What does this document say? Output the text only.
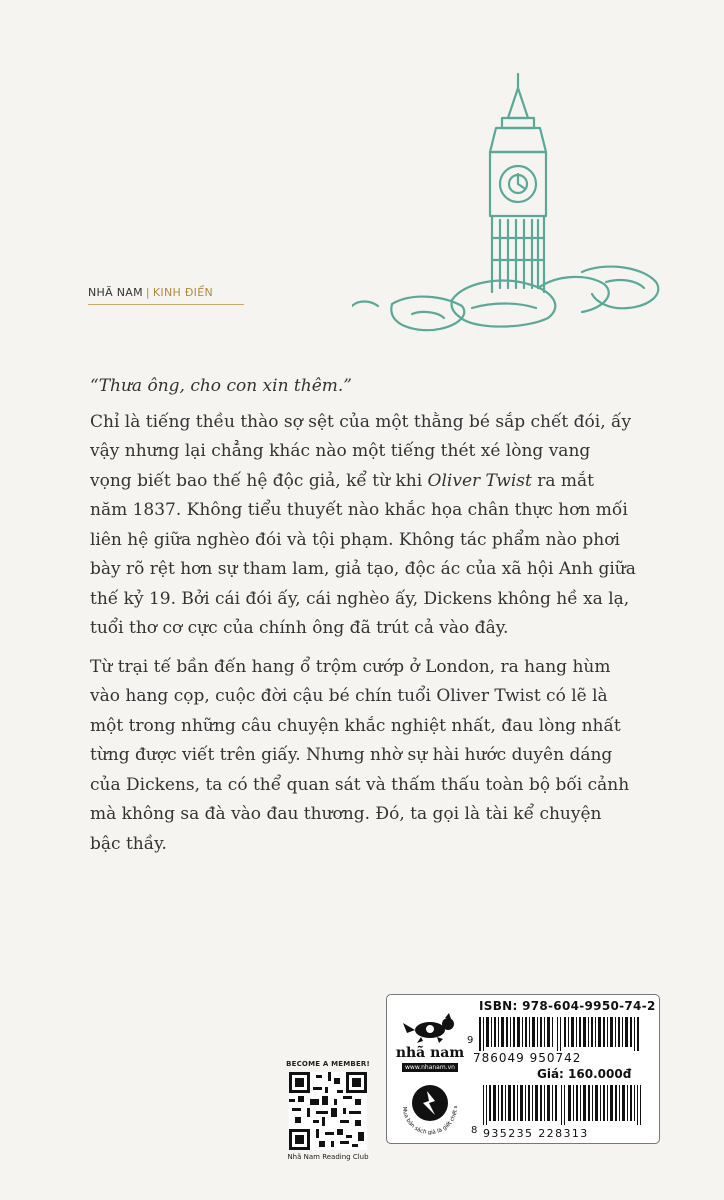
NHÃ NAM | KINH ĐIỂN

“Thưa ông, cho con xin thêm.”

Chỉ là tiếng thều thào sợ sệt của một thằng bé sắp chết đói, ấy vậy nhưng lại chẳng khác nào một tiếng thét xé lòng vang vọng biết bao thế hệ độc giả, kể từ khi Oliver Twist ra mắt năm 1837. Không tiểu thuyết nào khắc họa chân thực hơn mối liên hệ giữa nghèo đói và tội phạm. Không tác phẩm nào phơi bày rõ rệt hơn sự tham lam, giả tạo, độc ác của xã hội Anh giữa thế kỷ 19. Bởi cái đói ấy, cái nghèo ấy, Dickens không hề xa lạ, tuổi thơ cơ cực của chính ông đã trút cả vào đây.

Từ trại tế bần đến hang ổ trộm cướp ở London, ra hang hùm vào hang cọp, cuộc đời cậu bé chín tuổi Oliver Twist có lẽ là một trong những câu chuyện khắc nghiệt nhất, đau lòng nhất từng được viết trên giấy. Nhưng nhờ sự hài hước duyên dáng của Dickens, ta có thể quan sát và thấm thấu toàn bộ bối cảnh mà không sa đà vào đau thương. Đó, ta gọi là tài kể chuyện bậc thầy.

BECOME A MEMBER!
Nhã Nam Reading Club
nhã nam
www.nhanam.vn
Mua bản sách giả là giết chết s
ISBN: 978-604-9950-74-2
9
786049 950742
Giá: 160.000đ
8 935235 228313
